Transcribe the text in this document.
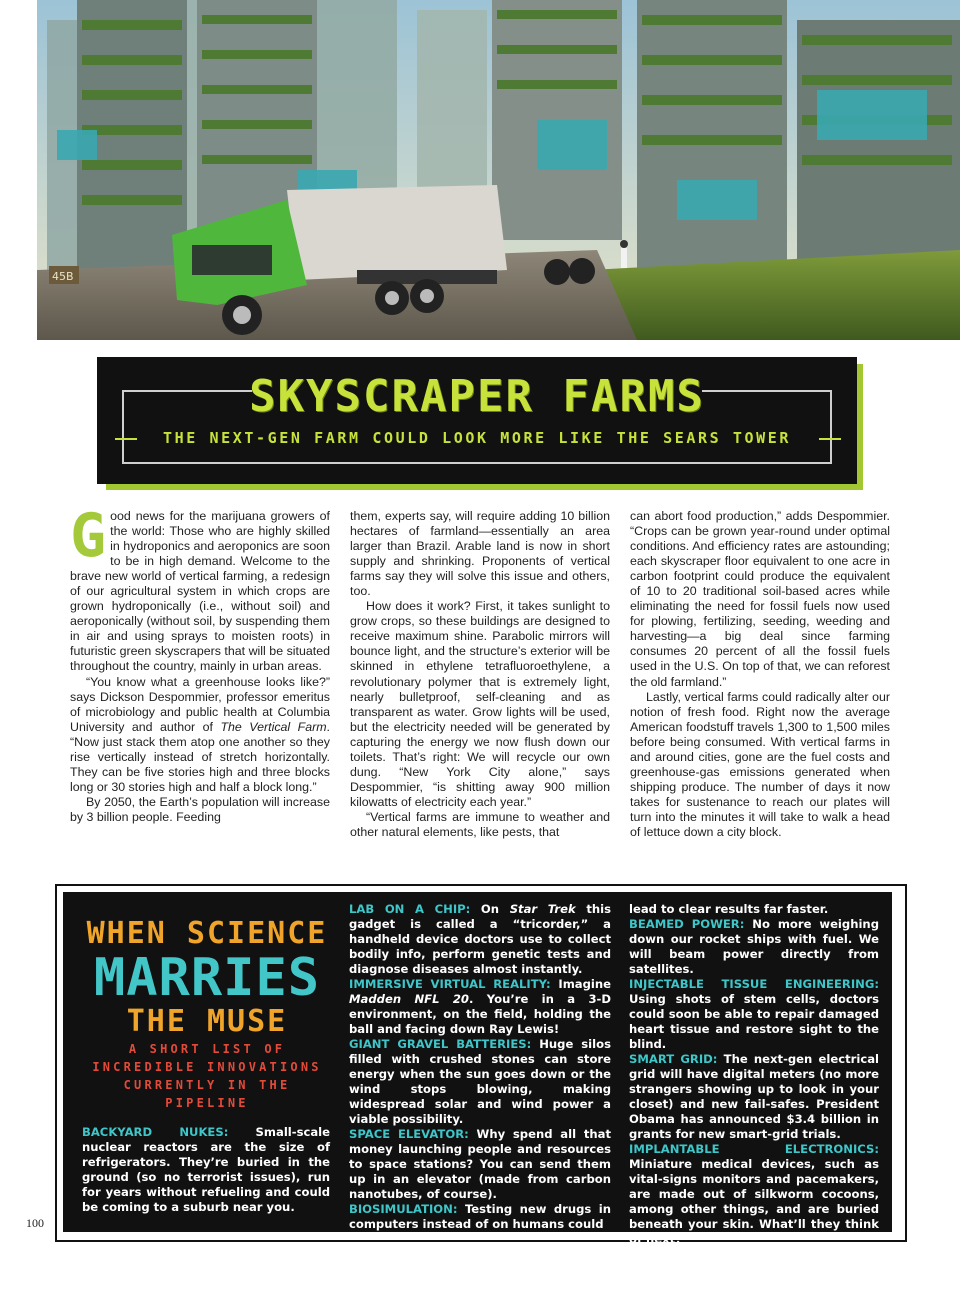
45B
SKYSCRAPER FARMS
THE NEXT-GEN FARM COULD LOOK MORE LIKE THE SEARS TOWER

Good news for the marijuana growers of the world: Those who are highly skilled in hydroponics and aeroponics are soon to be in high demand. Welcome to the brave new world of vertical farming, a redesign of our agricultural system in which crops are grown hydroponically (i.e., without soil) and aeroponically (without soil, by suspending them in air and using sprays to moisten roots) in futuristic green skyscrapers that will be situated throughout the country, mainly in urban areas.

“You know what a greenhouse looks like?” says Dickson Despommier, professor emeritus of microbiology and public health at Columbia University and author of The Vertical Farm. “Now just stack them atop one another so they rise vertically instead of stretch horizontally. They can be five stories high and three blocks long or 30 stories high and half a block long.”

By 2050, the Earth’s population will increase by 3 billion people. Feeding

them, experts say, will require adding 10 billion hectares of farmland—essentially an area larger than Brazil. Arable land is now in short supply and shrinking. Proponents of vertical farms say they will solve this issue and others, too.

How does it work? First, it takes sunlight to grow crops, so these buildings are designed to receive maximum shine. Parabolic mirrors will bounce light, and the structure’s exterior will be skinned in ethylene tetrafluoroethylene, a revolutionary polymer that is extremely light, nearly bulletproof, self-cleaning and as transparent as water. Grow lights will be used, but the electricity needed will be generated by capturing the energy we now flush down our toilets. That’s right: We will recycle our own dung. “New York City alone,” says Despommier, “is shitting away 900 million kilowatts of electricity each year.”

“Vertical farms are immune to weather and other natural elements, like pests, that

can abort food production,” adds Despommier. “Crops can be grown year-round under optimal conditions. And efficiency rates are astounding; each skyscraper floor equivalent to one acre in carbon footprint could produce the equivalent of 10 to 20 traditional soil-based acres while eliminating the need for fossil fuels now used for plowing, fertilizing, seeding, weeding and harvesting—a big deal since farming consumes 20 percent of all the fossil fuels used in the U.S. On top of that, we can reforest the old farmland.”

Lastly, vertical farms could radically alter our notion of fresh food. Right now the average American foodstuff travels 1,300 to 1,500 miles before being consumed. With vertical farms in and around cities, gone are the fuel costs and greenhouse-gas emissions generated when shipping produce. The number of days it now takes for sustenance to reach our plates will turn into the minutes it will take to walk a head of lettuce down a city block.

WHEN SCIENCE
MARRIES
THE MUSE
A SHORT LIST OF INCREDIBLE INNOVATIONS CURRENTLY IN THE PIPELINE

BACKYARD NUKES: Small-scale nuclear reactors are the size of refrigerators. They’re buried in the ground (so no terrorist issues), run for years without refueling and could be coming to a suburb near you.

LAB ON A CHIP: On Star Trek this gadget is called a “tricorder,” a handheld device doctors use to collect bodily info, perform genetic tests and diagnose diseases almost instantly.

IMMERSIVE VIRTUAL REALITY: Imagine Madden NFL 20. You’re in a 3-D environment, on the field, holding the ball and facing down Ray Lewis!

GIANT GRAVEL BATTERIES: Huge silos filled with crushed stones can store energy when the sun goes down or the wind stops blowing, making widespread solar and wind power a viable possibility.

SPACE ELEVATOR: Why spend all that money launching people and resources to space stations? You can send them up in an elevator (made from carbon nanotubes, of course).

BIOSIMULATION: Testing new drugs in computers instead of on humans could

lead to clear results far faster.

BEAMED POWER: No more weighing down our rocket ships with fuel. We will beam power directly from satellites.

INJECTABLE TISSUE ENGINEERING: Using shots of stem cells, doctors could soon be able to repair damaged heart tissue and restore sight to the blind.

SMART GRID: The next-gen electrical grid will have digital meters (no more strangers showing up to look in your closet) and new fail-safes. President Obama has announced $3.4 billion in grants for new smart-grid trials.

IMPLANTABLE ELECTRONICS: Miniature medical devices, such as vital-signs monitors and pacemakers, are made out of silkworm cocoons, among other things, and are buried beneath your skin. What’ll they think of next?

100
